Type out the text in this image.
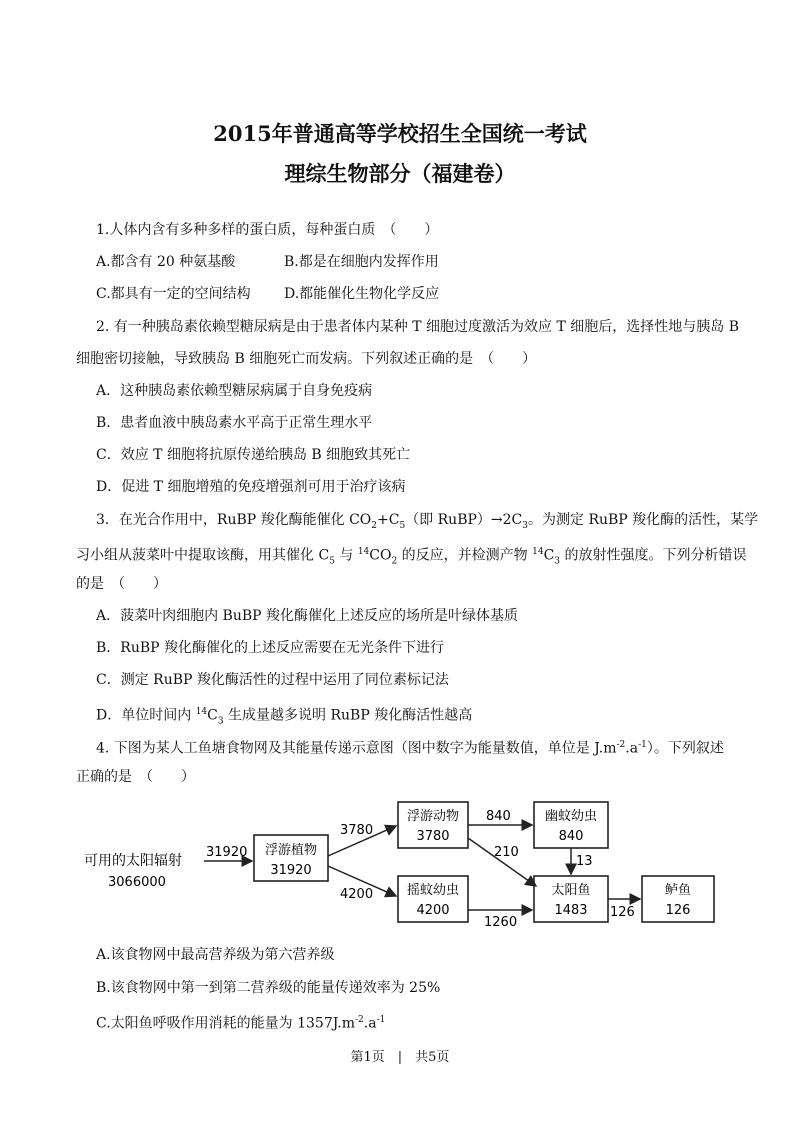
2015年普通高等学校招生全国统一考试
理综生物部分（福建卷）
1.人体内含有多种多样的蛋白质，每种蛋白质　（　　）
A.都含有 20 种氨基酸	B.都是在细胞内发挥作用
C.都具有一定的空间结构 D.都能催化生物化学反应
2. 有一种胰岛素依赖型糖尿病是由于患者体内某种 T 细胞过度激活为效应 T 细胞后，选择性地与胰岛 B
细胞密切接触，导致胰岛 B 细胞死亡而发病。下列叙述正确的是　（　　）
A．这种胰岛素依赖型糖尿病属于自身免疫病
B．患者血液中胰岛素水平高于正常生理水平
C．效应 T 细胞将抗原传递给胰岛 B 细胞致其死亡
D．促进 T 细胞增殖的免疫增强剂可用于治疗该病
3．在光合作用中，RuBP 羧化酶能催化 $CO_2+C_5$（即 $RuBP)\to 2C_3$。为测定 RuBP 羧化酶的活性，某学
习小组从菠菜叶中提取该酶，用其催化 $C_5$ 与 $^{14}CO_2$ 的反应，并检测产物 $^{14}C_3$ 的放射性强度。下列分析错误
的是　（　　）
A．菠菜叶肉细胞内 BuBP 羧化酶催化上述反应的场所是叶绿体基质
B．RuBP 羧化酶催化的上述反应需要在无光条件下进行
C．测定 RuBP 羧化酶活性的过程中运用了同位素标记法
D．单位时间内 $^{14}C_3$ 生成量越多说明 RuBP 羧化酶活性越高
4. 下图为某人工鱼塘食物网及其能量传递示意图（图中数字为能量数值，单位是 $J.m^{-2}.a^{-1}$）。下列叙述
正确的是　（　　）
可用的太阳辐射
3066000
浮游植物
31920
浮游动物
3780
摇蚊幼虫
4200
幽蚊幼虫
840
太阳鱼
1483
鲈鱼
126
31920
3780
4200
840
210
13
1260
126
A.该食物网中最高营养级为第六营养级
B.该食物网中第一到第二营养级的能量传递效率为 25%
C.太阳鱼呼吸作用消耗的能量为 $1357J.m^{-2}.a^{-1}$
第1页　|　共5页
